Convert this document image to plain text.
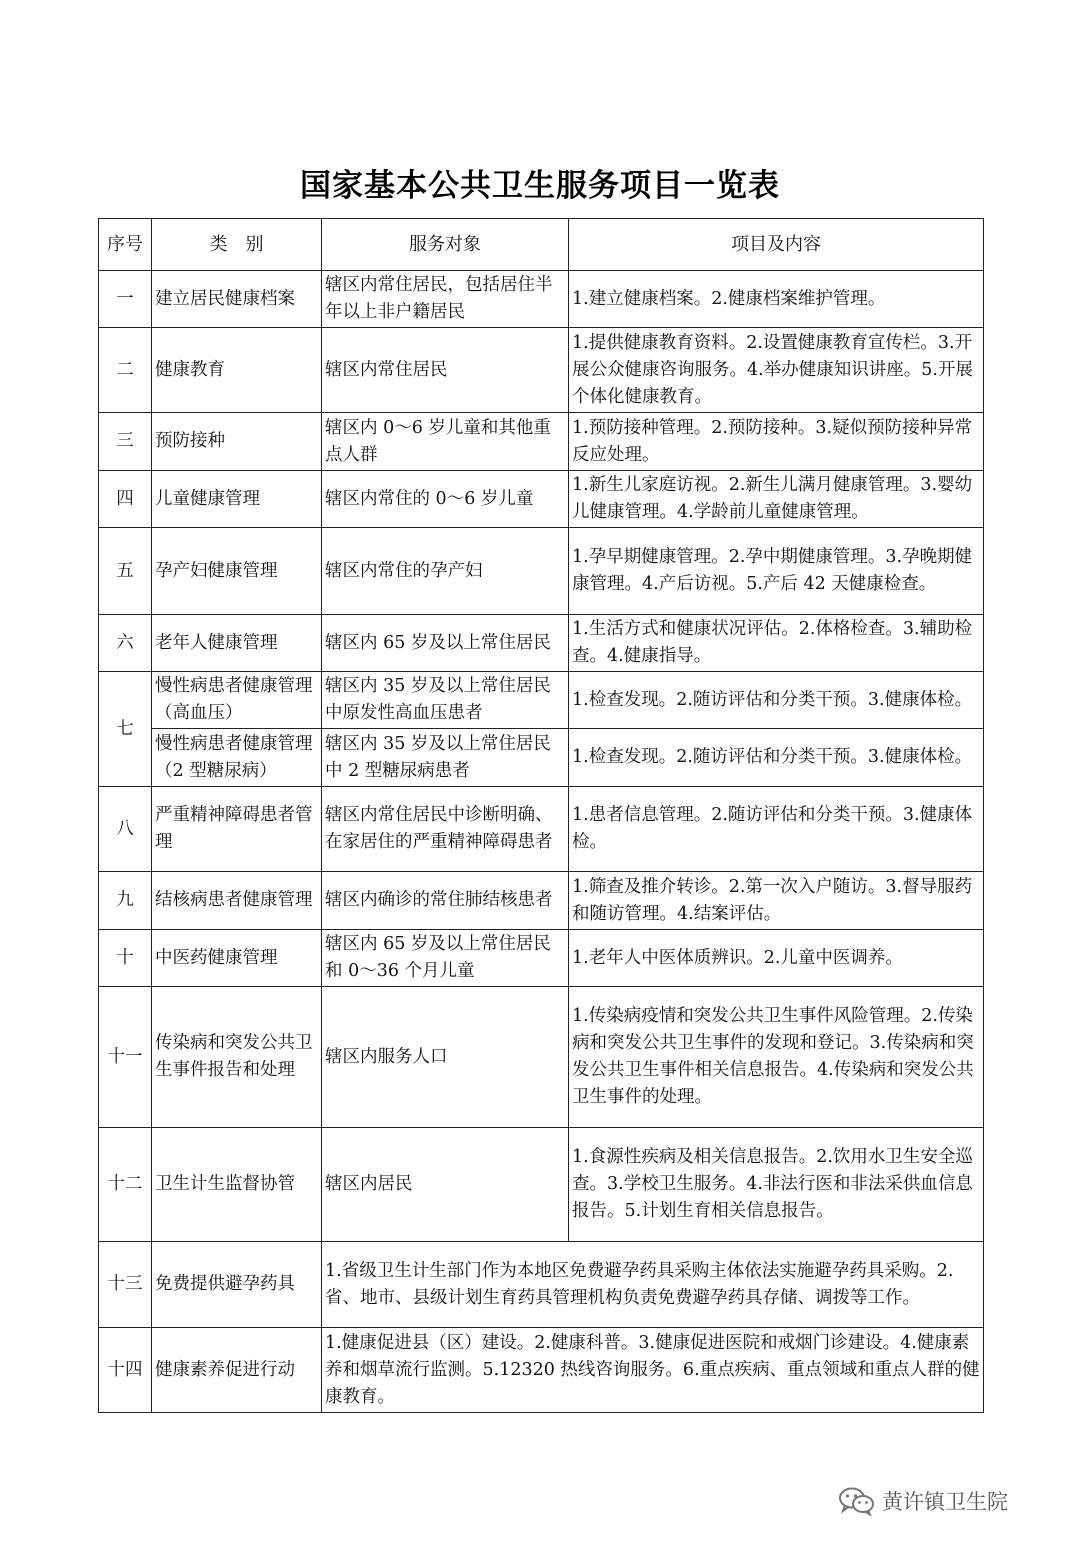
国家基本公共卫生服务项目一览表
序号	类　别	服务对象	项目及内容
一	建立居民健康档案	辖区内常住居民，包括居住半年以上非户籍居民	1.建立健康档案。2.健康档案维护管理。
二	健康教育	辖区内常住居民	1.提供健康教育资料。2.设置健康教育宣传栏。3.开展公众健康咨询服务。4.举办健康知识讲座。5.开展个体化健康教育。
三	预防接种	辖区内 0～6 岁儿童和其他重点人群	1.预防接种管理。2.预防接种。3.疑似预防接种异常反应处理。
四	儿童健康管理	辖区内常住的 0～6 岁儿童	1.新生儿家庭访视。2.新生儿满月健康管理。3.婴幼儿健康管理。4.学龄前儿童健康管理。
五	孕产妇健康管理	辖区内常住的孕产妇	1.孕早期健康管理。2.孕中期健康管理。3.孕晚期健康管理。4.产后访视。5.产后 42 天健康检查。
六	老年人健康管理	辖区内 65 岁及以上常住居民	1.生活方式和健康状况评估。2.体格检查。3.辅助检查。4.健康指导。
七	慢性病患者健康管理（高血压）	辖区内 35 岁及以上常住居民中原发性高血压患者	1.检查发现。2.随访评估和分类干预。3.健康体检。
	慢性病患者健康管理（2 型糖尿病）	辖区内 35 岁及以上常住居民中 2 型糖尿病患者	1.检查发现。2.随访评估和分类干预。3.健康体检。
八	严重精神障碍患者管理	辖区内常住居民中诊断明确、在家居住的严重精神障碍患者	1.患者信息管理。2.随访评估和分类干预。3.健康体检。
九	结核病患者健康管理	辖区内确诊的常住肺结核患者	1.筛查及推介转诊。2.第一次入户随访。3.督导服药和随访管理。4.结案评估。
十	中医药健康管理	辖区内 65 岁及以上常住居民和 0～36 个月儿童	1.老年人中医体质辨识。2.儿童中医调养。
十一	传染病和突发公共卫生事件报告和处理	辖区内服务人口	1.传染病疫情和突发公共卫生事件风险管理。2.传染病和突发公共卫生事件的发现和登记。3.传染病和突发公共卫生事件相关信息报告。4.传染病和突发公共卫生事件的处理。
十二	卫生计生监督协管	辖区内居民	1.食源性疾病及相关信息报告。2.饮用水卫生安全巡查。3.学校卫生服务。4.非法行医和非法采供血信息报告。5.计划生育相关信息报告。
十三	免费提供避孕药具	1.省级卫生计生部门作为本地区免费避孕药具采购主体依法实施避孕药具采购。2.省、地市、县级计划生育药具管理机构负责免费避孕药具存储、调拨等工作。	
十四	健康素养促进行动	1.健康促进县（区）建设。2.健康科普。3.健康促进医院和戒烟门诊建设。4.健康素养和烟草流行监测。5.12320 热线咨询服务。6.重点疾病、重点领域和重点人群的健康教育。	
黄许镇卫生院
